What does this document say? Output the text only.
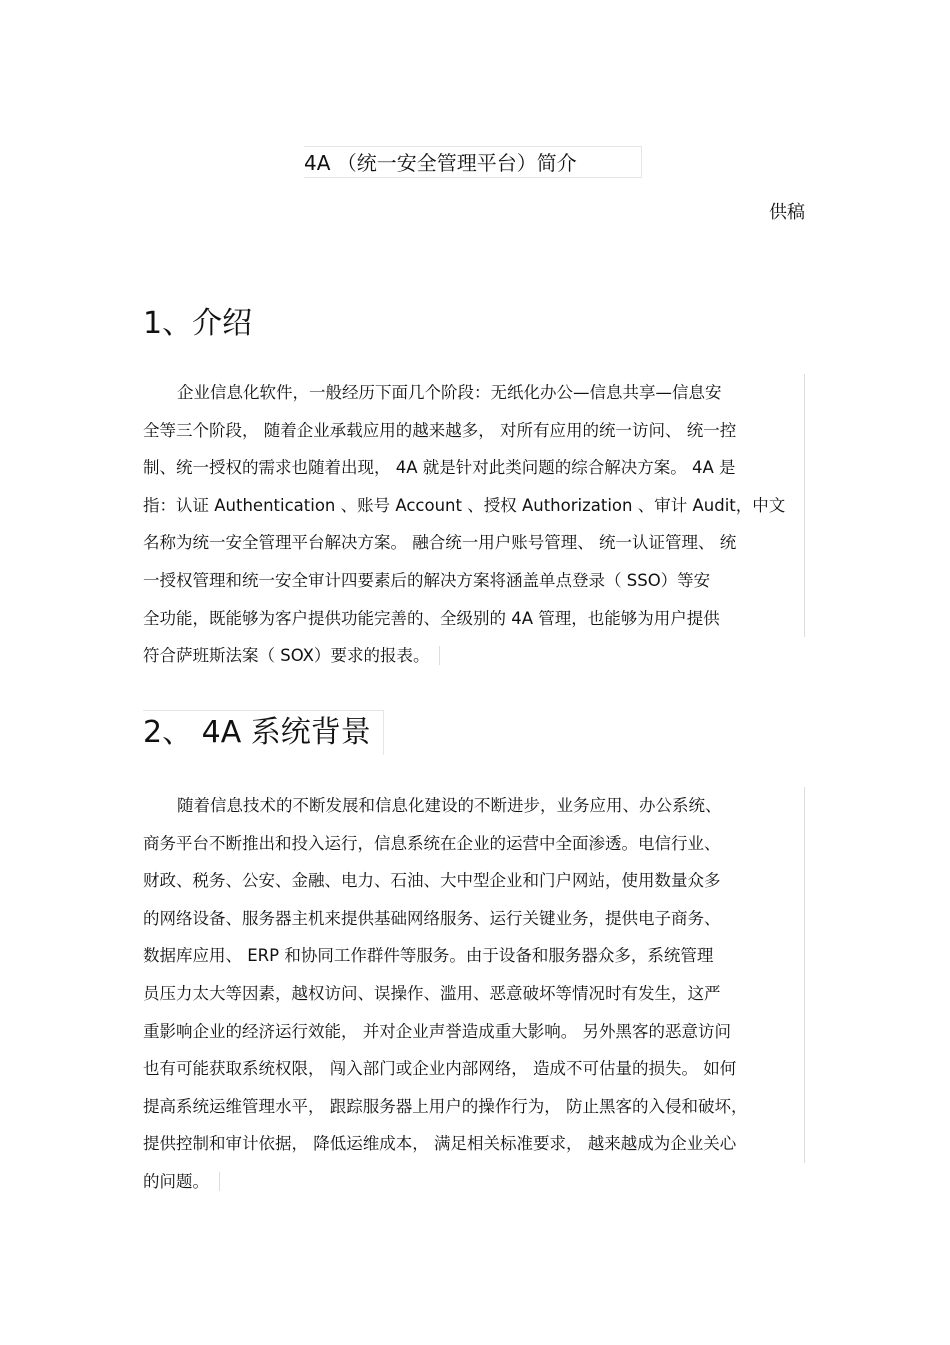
4A （统一安全管理平台）简介
供稿
1、介绍
企业信息化软件，一般经历下面几个阶段：无纸化办公—信息共享—信息安
全等三个阶段， 随着企业承载应用的越来越多， 对所有应用的统一访问、 统一控
制、统一授权的需求也随着出现， 4A 就是针对此类问题的综合解决方案。 4A 是
指：认证 Authentication 、账号 Account 、授权 Authorization 、审计 Audit，中文
名称为统一安全管理平台解决方案。 融合统一用户账号管理、 统一认证管理、 统
一授权管理和统一安全审计四要素后的解决方案将涵盖单点登录（ SSO）等安
全功能，既能够为客户提供功能完善的、全级别的 4A 管理，也能够为用户提供
符合萨班斯法案（ SOX）要求的报表。
2、 4A 系统背景
随着信息技术的不断发展和信息化建设的不断进步，业务应用、办公系统、
商务平台不断推出和投入运行，信息系统在企业的运营中全面渗透。电信行业、
财政、税务、公安、金融、电力、石油、大中型企业和门户网站，使用数量众多
的网络设备、服务器主机来提供基础网络服务、运行关键业务，提供电子商务、
数据库应用、 ERP 和协同工作群件等服务。由于设备和服务器众多，系统管理
员压力太大等因素，越权访问、误操作、滥用、恶意破坏等情况时有发生，这严
重影响企业的经济运行效能， 并对企业声誉造成重大影响。 另外黑客的恶意访问
也有可能获取系统权限， 闯入部门或企业内部网络， 造成不可估量的损失。 如何
提高系统运维管理水平， 跟踪服务器上用户的操作行为， 防止黑客的入侵和破坏，
提供控制和审计依据， 降低运维成本， 满足相关标准要求， 越来越成为企业关心
的问题。
